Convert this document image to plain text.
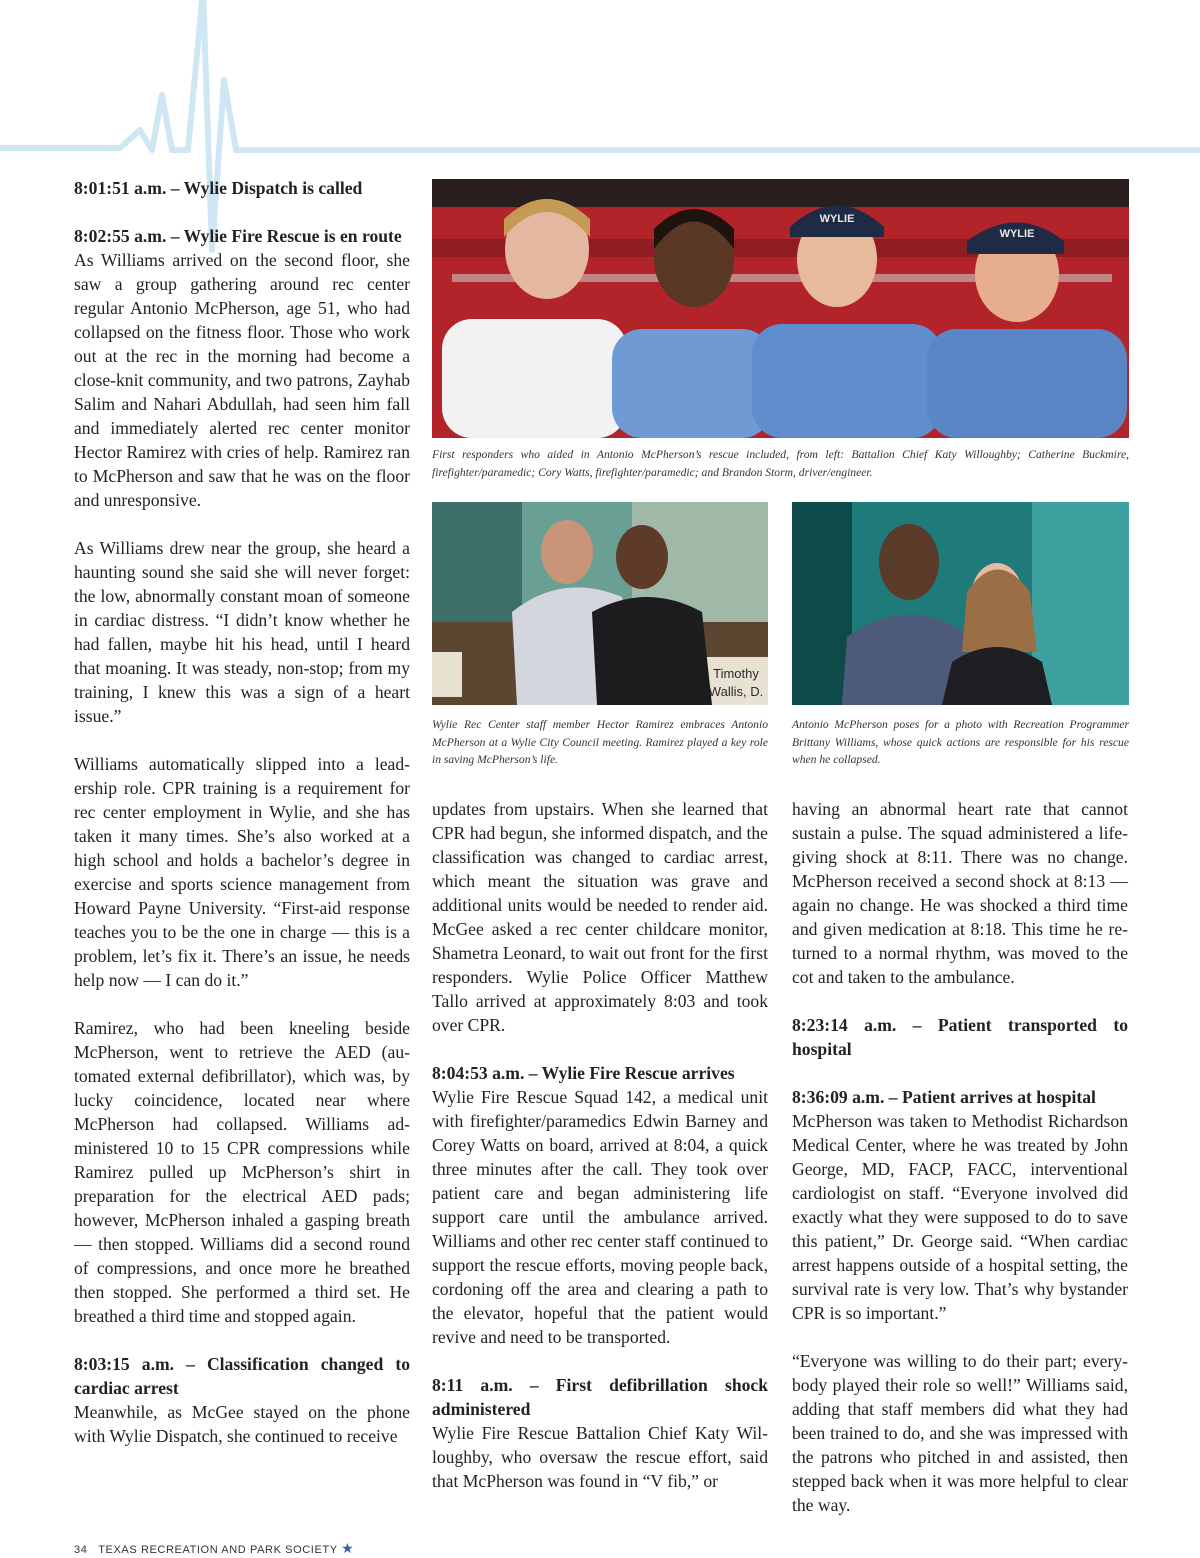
8:01:51 a.m. – Wylie Dispatch is called

8:02:55 a.m. – Wylie Fire Rescue is en route
As Williams arrived on the second floor, she saw a group gathering around rec center regular Antonio McPherson, age 51, who had collapsed on the fitness floor. Those who work out at the rec in the morning had become a close-knit community, and two patrons, Zayhab Salim and Nahari Abdullah, had seen him fall and immediately alerted rec center monitor Hector Ramirez with cries of help. Ramirez ran to McPherson and saw that he was on the floor and unresponsive.

As Williams drew near the group, she heard a haunting sound she said she will never forget: the low, abnormally constant moan of someone in cardiac distress. “I didn’t know whether he had fallen, maybe hit his head, until I heard that moaning. It was steady, non-stop; from my training, I knew this was a sign of a heart issue.”

Williams automatically slipped into a leadership role. CPR training is a requirement for rec center employment in Wylie, and she has taken it many times. She’s also worked at a high school and holds a bachelor’s degree in exercise and sports science management from Howard Payne University. “First-aid response teaches you to be the one in charge — this is a problem, let’s fix it. There’s an issue, he needs help now — I can do it.”

Ramirez, who had been kneeling beside McPherson, went to retrieve the AED (automated external defibrillator), which was, by lucky coincidence, located near where McPherson had collapsed. Williams administered 10 to 15 CPR compressions while Ramirez pulled up McPherson’s shirt in preparation for the electrical AED pads; however, McPherson inhaled a gasping breath — then stopped. Williams did a second round of compressions, and once more he breathed then stopped. She performed a third set. He breathed a third time and stopped again.

8:03:15 a.m. – Classification changed to cardiac arrest
Meanwhile, as McGee stayed on the phone with Wylie Dispatch, she continued to receive

WYLIE
WYLIE
First responders who aided in Antonio McPherson’s rescue included, from left: Battalion Chief Katy Willoughby; Catherine Buckmire, firefighter/paramedic; Cory Watts, firefighter/paramedic; and Brandon Storm, driver/engineer.
Timothy
Wallis, D.
Wylie Rec Center staff member Hector Ramirez embraces Antonio McPherson at a Wylie City Council meeting. Ramirez played a key role in saving McPherson’s life.
Antonio McPherson poses for a photo with Recreation Programmer Brittany Williams, whose quick actions are responsible for his rescue when he collapsed.

updates from upstairs. When she learned that CPR had begun, she informed dispatch, and the classification was changed to cardiac arrest, which meant the situation was grave and additional units would be needed to render aid. McGee asked a rec center childcare monitor, Shametra Leonard, to wait out front for the first responders. Wylie Police Officer Matthew Tallo arrived at approximately 8:03 and took over CPR.

8:04:53 a.m. – Wylie Fire Rescue arrives
Wylie Fire Rescue Squad 142, a medical unit with firefighter/paramedics Edwin Barney and Corey Watts on board, arrived at 8:04, a quick three minutes after the call. They took over patient care and began administering life support care until the ambulance arrived. Williams and other rec center staff continued to support the rescue efforts, moving people back, cordoning off the area and clearing a path to the elevator, hopeful that the patient would revive and need to be transported.

8:11 a.m. – First defibrillation shock administered
Wylie Fire Rescue Battalion Chief Katy Willoughby, who oversaw the rescue effort, said that McPherson was found in “V fib,” or

having an abnormal heart rate that cannot sustain a pulse. The squad administered a life-giving shock at 8:11. There was no change. McPherson received a second shock at 8:13 — again no change. He was shocked a third time and given medication at 8:18. This time he returned to a normal rhythm, was moved to the cot and taken to the ambulance.

8:23:14 a.m. – Patient transported to hospital

8:36:09 a.m. – Patient arrives at hospital
McPherson was taken to Methodist Richardson Medical Center, where he was treated by John George, MD, FACP, FACC, interventional cardiologist on staff. “Everyone involved did exactly what they were supposed to do to save this patient,” Dr. George said. “When cardiac arrest happens outside of a hospital setting, the survival rate is very low. That’s why bystander CPR is so important.”

“Everyone was willing to do their part; everybody played their role so well!” Williams said, adding that staff members did what they had been trained to do, and she was impressed with the patrons who pitched in and assisted, then stepped back when it was more helpful to clear the way.

34 TEXAS RECREATION AND PARK SOCIETY ★
